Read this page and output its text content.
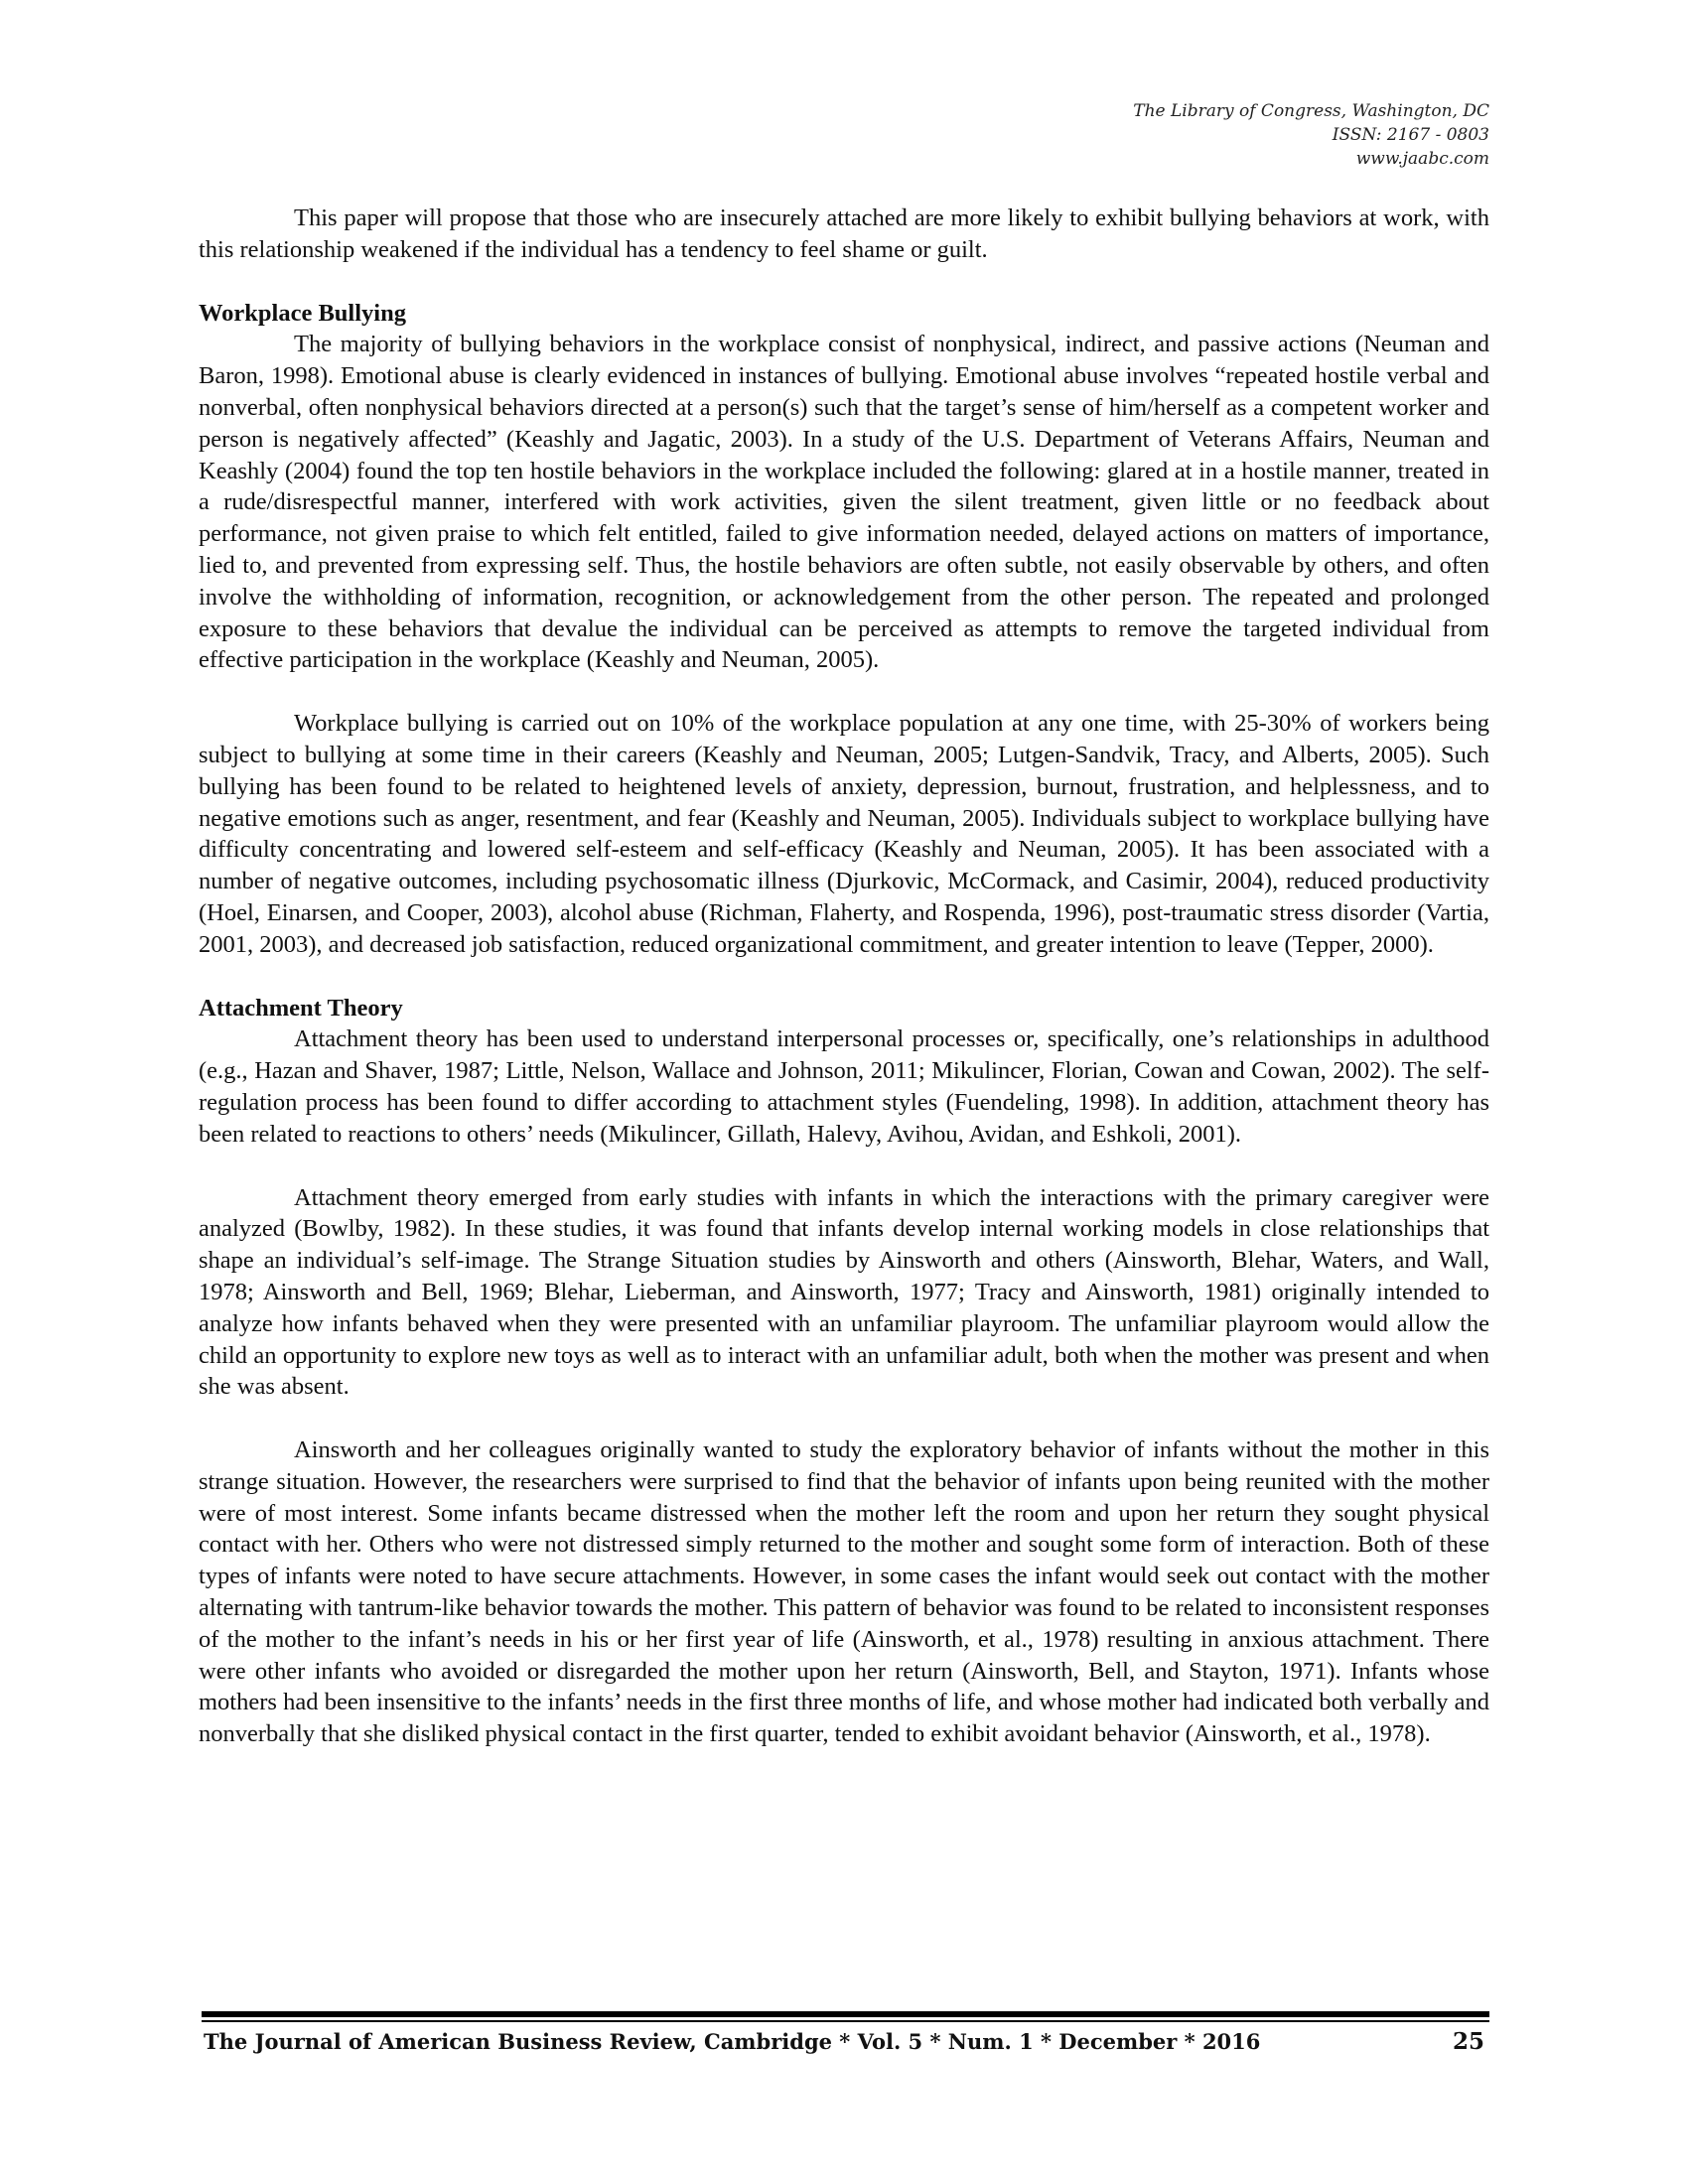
The Library of Congress, Washington, DC
ISSN: 2167 - 0803
www.jaabc.com

This paper will propose that those who are insecurely attached are more likely to exhibit bullying behaviors at work, with this relationship weakened if the individual has a tendency to feel shame or guilt.

Workplace Bullying

The majority of bullying behaviors in the workplace consist of nonphysical, indirect, and passive actions (Neuman and Baron, 1998). Emotional abuse is clearly evidenced in instances of bullying. Emotional abuse involves “repeated hostile verbal and nonverbal, often nonphysical behaviors directed at a person(s) such that the target’s sense of him/herself as a competent worker and person is negatively affected” (Keashly and Jagatic, 2003). In a study of the U.S. Department of Veterans Affairs, Neuman and Keashly (2004) found the top ten hostile behaviors in the workplace included the following: glared at in a hostile manner, treated in a rude/disrespectful manner, interfered with work activities, given the silent treatment, given little or no feedback about performance, not given praise to which felt entitled, failed to give information needed, delayed actions on matters of importance, lied to, and prevented from expressing self. Thus, the hostile behaviors are often subtle, not easily observable by others, and often involve the withholding of information, recognition, or acknowledgement from the other person. The repeated and prolonged exposure to these behaviors that devalue the individual can be perceived as attempts to remove the targeted individual from effective participation in the workplace (Keashly and Neuman, 2005).

Workplace bullying is carried out on 10% of the workplace population at any one time, with 25-30% of workers being subject to bullying at some time in their careers (Keashly and Neuman, 2005; Lutgen-Sandvik, Tracy, and Alberts, 2005). Such bullying has been found to be related to heightened levels of anxiety, depression, burnout, frustration, and helplessness, and to negative emotions such as anger, resentment, and fear (Keashly and Neuman, 2005). Individuals subject to workplace bullying have difficulty concentrating and lowered self-esteem and self-efficacy (Keashly and Neuman, 2005). It has been associated with a number of negative outcomes, including psychosomatic illness (Djurkovic, McCormack, and Casimir, 2004), reduced productivity (Hoel, Einarsen, and Cooper, 2003), alcohol abuse (Richman, Flaherty, and Rospenda, 1996), post-traumatic stress disorder (Vartia, 2001, 2003), and decreased job satisfaction, reduced organizational commitment, and greater intention to leave (Tepper, 2000).

Attachment Theory

Attachment theory has been used to understand interpersonal processes or, specifically, one’s relationships in adulthood (e.g., Hazan and Shaver, 1987; Little, Nelson, Wallace and Johnson, 2011; Mikulincer, Florian, Cowan and Cowan, 2002). The self-regulation process has been found to differ according to attachment styles (Fuendeling, 1998). In addition, attachment theory has been related to reactions to others’ needs (Mikulincer, Gillath, Halevy, Avihou, Avidan, and Eshkoli, 2001).

Attachment theory emerged from early studies with infants in which the interactions with the primary caregiver were analyzed (Bowlby, 1982). In these studies, it was found that infants develop internal working models in close relationships that shape an individual’s self-image. The Strange Situation studies by Ainsworth and others (Ainsworth, Blehar, Waters, and Wall, 1978; Ainsworth and Bell, 1969; Blehar, Lieberman, and Ainsworth, 1977; Tracy and Ainsworth, 1981) originally intended to analyze how infants behaved when they were presented with an unfamiliar playroom. The unfamiliar playroom would allow the child an opportunity to explore new toys as well as to interact with an unfamiliar adult, both when the mother was present and when she was absent.

Ainsworth and her colleagues originally wanted to study the exploratory behavior of infants without the mother in this strange situation. However, the researchers were surprised to find that the behavior of infants upon being reunited with the mother were of most interest. Some infants became distressed when the mother left the room and upon her return they sought physical contact with her. Others who were not distressed simply returned to the mother and sought some form of interaction. Both of these types of infants were noted to have secure attachments. However, in some cases the infant would seek out contact with the mother alternating with tantrum-like behavior towards the mother. This pattern of behavior was found to be related to inconsistent responses of the mother to the infant’s needs in his or her first year of life (Ainsworth, et al., 1978) resulting in anxious attachment. There were other infants who avoided or disregarded the mother upon her return (Ainsworth, Bell, and Stayton, 1971). Infants whose mothers had been insensitive to the infants’ needs in the first three months of life, and whose mother had indicated both verbally and nonverbally that she disliked physical contact in the first quarter, tended to exhibit avoidant behavior (Ainsworth, et al., 1978).

The Journal of American Business Review, Cambridge * Vol. 5 * Num. 1 * December * 2016	25
